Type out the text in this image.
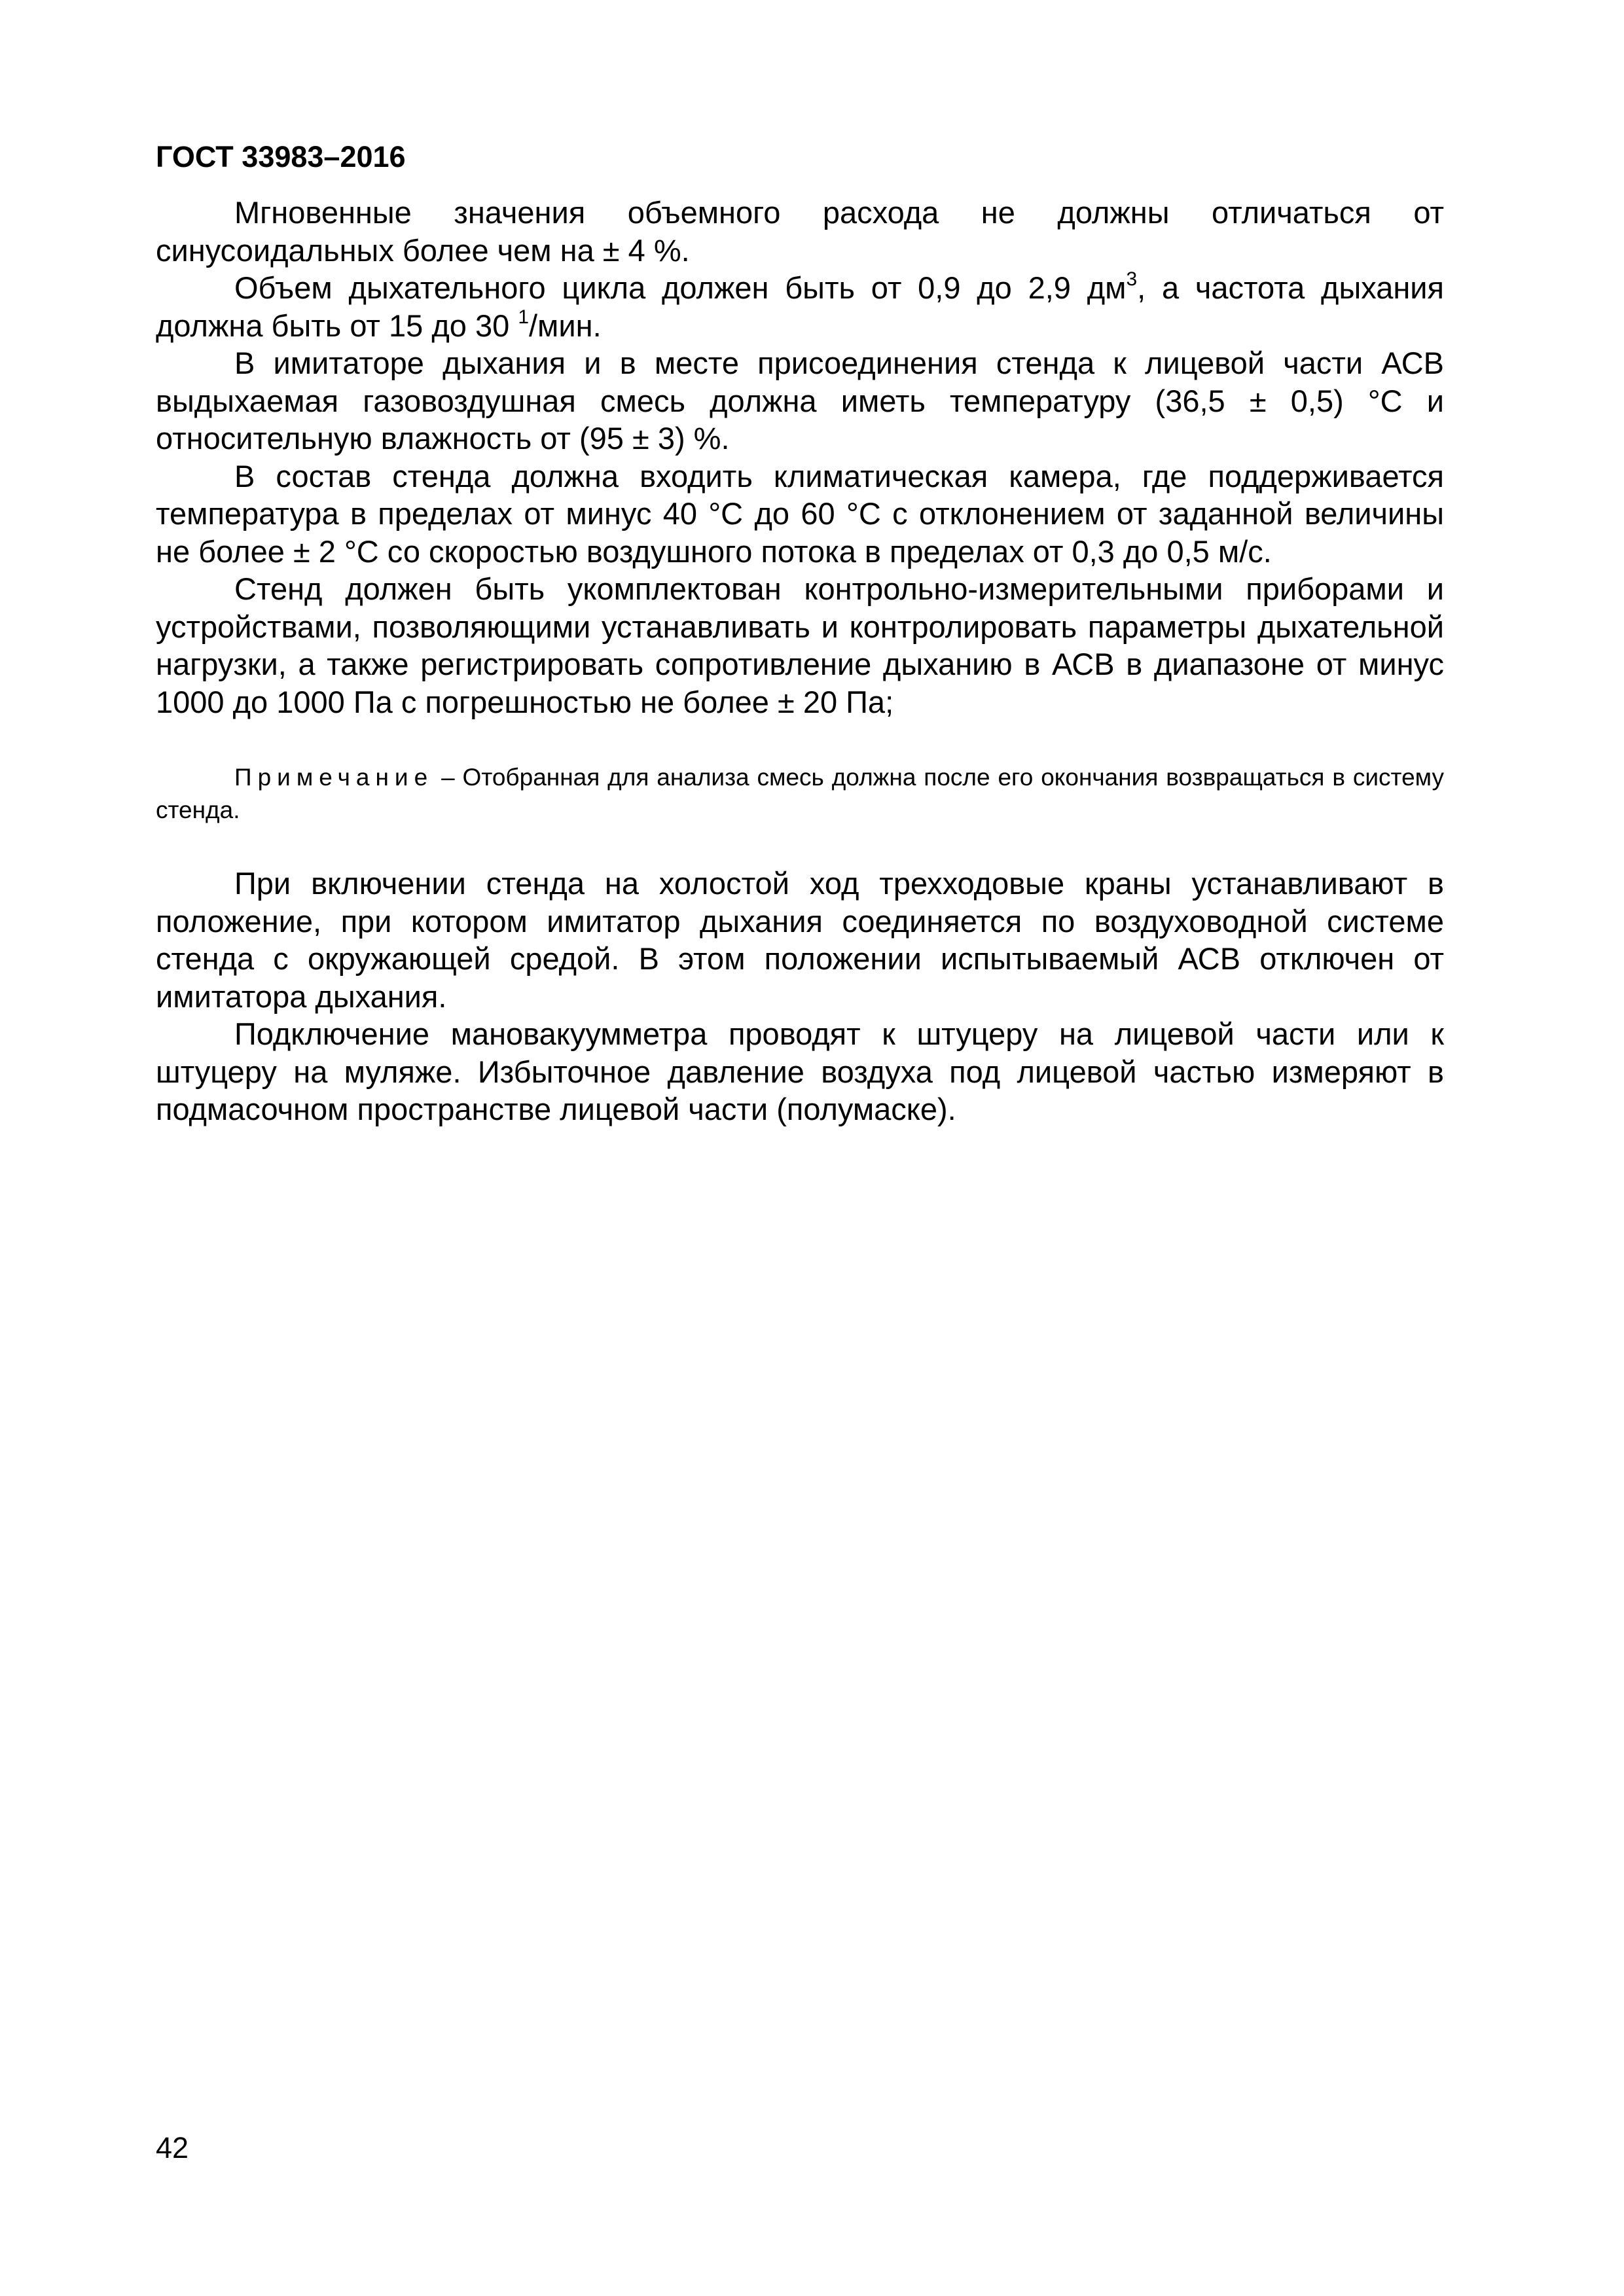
ГОСТ 33983–2016

Мгновенные значения объемного расхода не должны отличаться от синусоидальных более чем на ± 4 %.

Объем дыхательного цикла должен быть от 0,9 до 2,9 $дм^3$, а частота дыхания должна быть от 15 до 30 $^1$/мин.

В имитаторе дыхания и в месте присоединения стенда к лицевой части АСВ выдыхаемая газовоздушная смесь должна иметь температуру (36,5 ± 0,5) °С и относительную влажность от (95 ± 3) %.

В состав стенда должна входить климатическая камера, где поддерживается температура в пределах от минус 40 °С до 60 °С с отклонением от заданной величины не более ± 2 °С со скоростью воздушного потока в пределах от 0,3 до 0,5 м/с.

Стенд должен быть укомплектован контрольно-измерительными приборами и устройствами, позволяющими устанавливать и контролировать параметры дыхательной нагрузки, а также регистрировать сопротивление дыханию в АСВ в диапазоне от минус 1000 до 1000 Па с погрешностью не более ± 20 Па;

Примечание – Отобранная для анализа смесь должна после его окончания возвращаться в систему стенда.

При включении стенда на холостой ход трехходовые краны устанавливают в положение, при котором имитатор дыхания соединяется по воздуховодной системе стенда с окружающей средой. В этом положении испытываемый АСВ отключен от имитатора дыхания.

Подключение мановакуумметра проводят к штуцеру на лицевой части или к штуцеру на муляже. Избыточное давление воздуха под лицевой частью измеряют в подмасочном пространстве лицевой части (полумаске).

42
